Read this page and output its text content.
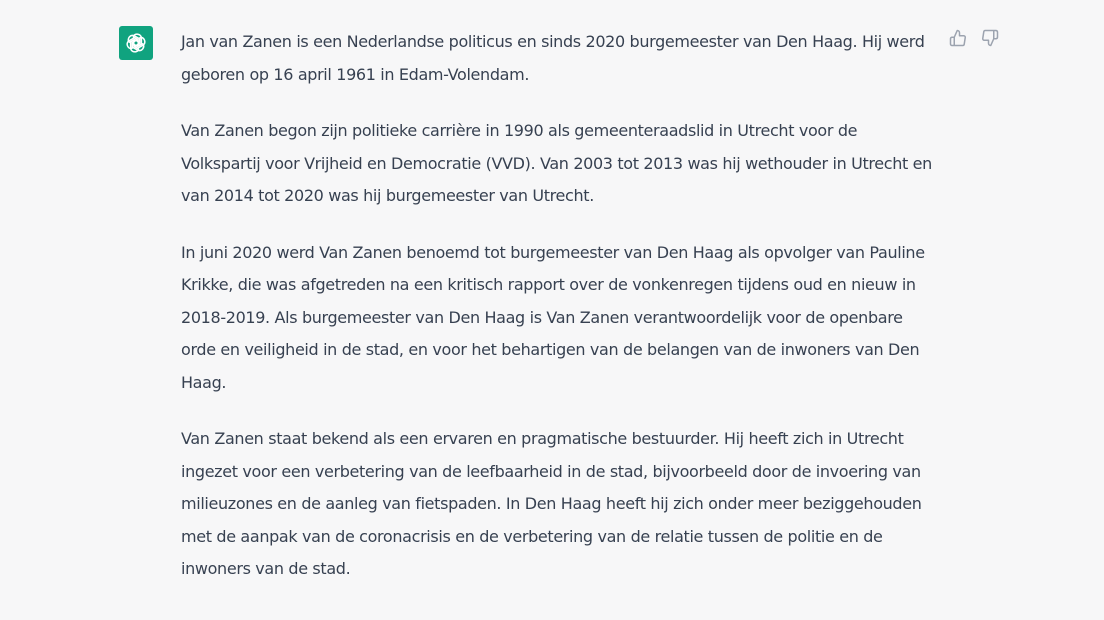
Jan van Zanen is een Nederlandse politicus en sinds 2020 burgemeester van Den Haag. Hij werd geboren op 16 april 1961 in Edam-Volendam.

Van Zanen begon zijn politieke carrière in 1990 als gemeenteraadslid in Utrecht voor de Volkspartij voor Vrijheid en Democratie (VVD). Van 2003 tot 2013 was hij wethouder in Utrecht en van 2014 tot 2020 was hij burgemeester van Utrecht.

In juni 2020 werd Van Zanen benoemd tot burgemeester van Den Haag als opvolger van Pauline Krikke, die was afgetreden na een kritisch rapport over de vonkenregen tijdens oud en nieuw in 2018-2019. Als burgemeester van Den Haag is Van Zanen verantwoordelijk voor de openbare orde en veiligheid in de stad, en voor het behartigen van de belangen van de inwoners van Den Haag.

Van Zanen staat bekend als een ervaren en pragmatische bestuurder. Hij heeft zich in Utrecht ingezet voor een verbetering van de leefbaarheid in de stad, bijvoorbeeld door de invoering van milieuzones en de aanleg van fietspaden. In Den Haag heeft hij zich onder meer beziggehouden met de aanpak van de coronacrisis en de verbetering van de relatie tussen de politie en de inwoners van de stad.
